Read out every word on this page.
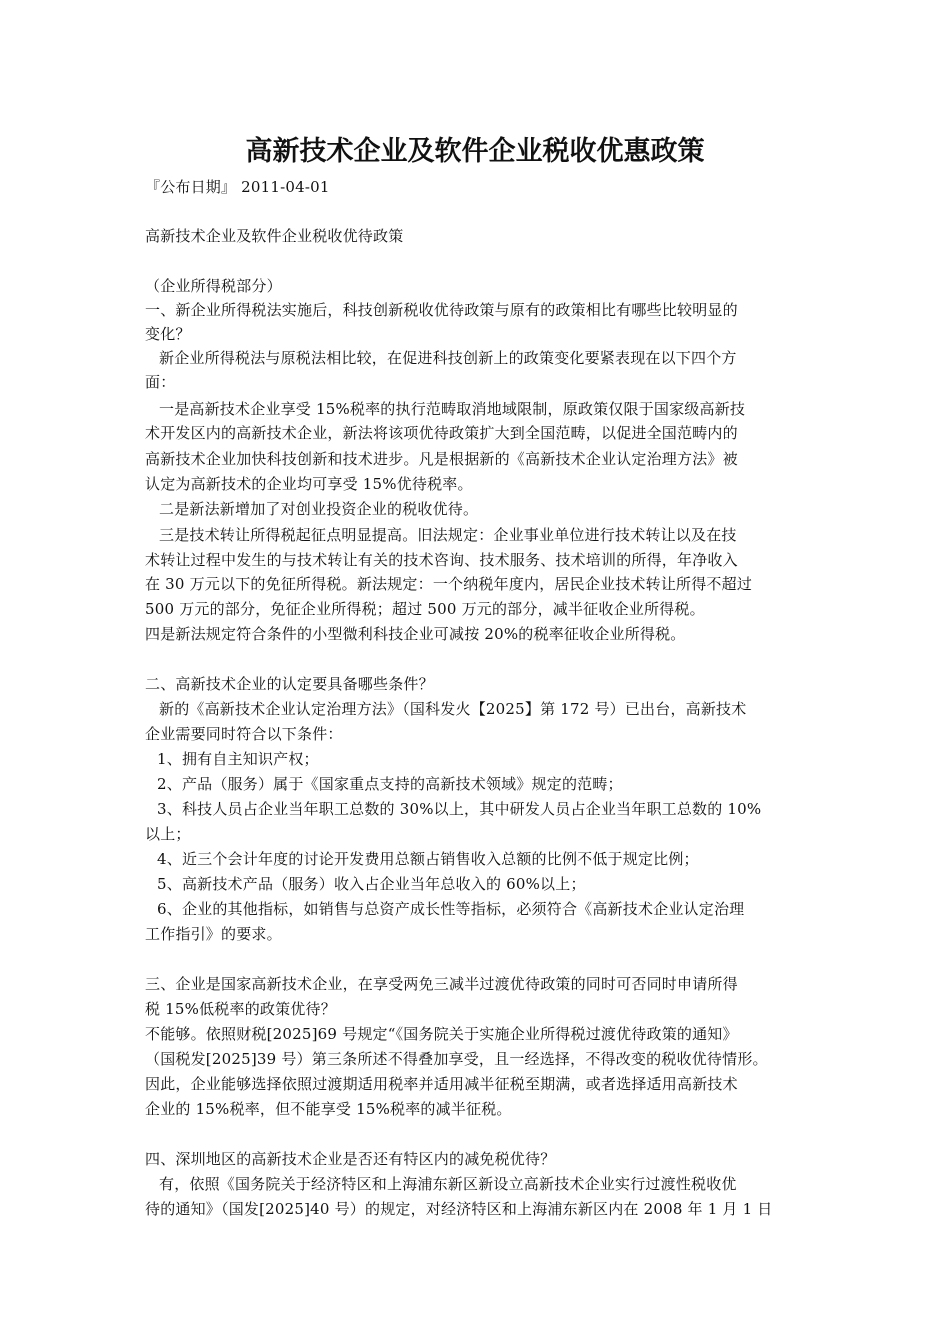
高新技术企业及软件企业税收优惠政策
『公布日期』 2011-04-01
高新技术企业及软件企业税收优待政策
（企业所得税部分）
一、新企业所得税法实施后，科技创新税收优待政策与原有的政策相比有哪些比较明显的
变化？
新企业所得税法与原税法相比较，在促进科技创新上的政策变化要紧表现在以下四个方
面：
一是高新技术企业享受 15%税率的执行范畴取消地域限制，原政策仅限于国家级高新技
术开发区内的高新技术企业，新法将该项优待政策扩大到全国范畴，以促进全国范畴内的
高新技术企业加快科技创新和技术进步。凡是根据新的《高新技术企业认定治理方法》被
认定为高新技术的企业均可享受 15%优待税率。
二是新法新增加了对创业投资企业的税收优待。
三是技术转让所得税起征点明显提高。旧法规定：企业事业单位进行技术转让以及在技
术转让过程中发生的与技术转让有关的技术咨询、技术服务、技术培训的所得，年净收入
在 30 万元以下的免征所得税。新法规定：一个纳税年度内，居民企业技术转让所得不超过
500 万元的部分，免征企业所得税；超过 500 万元的部分，减半征收企业所得税。
四是新法规定符合条件的小型微利科技企业可减按 20%的税率征收企业所得税。
二、高新技术企业的认定要具备哪些条件？
新的《高新技术企业认定治理方法》（国科发火【2025】第 172 号）已出台，高新技术
企业需要同时符合以下条件：
1、拥有自主知识产权；
2、产品（服务）属于《国家重点支持的高新技术领域》规定的范畴；
3、科技人员占企业当年职工总数的 30%以上，其中研发人员占企业当年职工总数的 10%
以上；
4、近三个会计年度的讨论开发费用总额占销售收入总额的比例不低于规定比例；
5、高新技术产品（服务）收入占企业当年总收入的 60%以上；
6、企业的其他指标，如销售与总资产成长性等指标，必须符合《高新技术企业认定治理
工作指引》的要求。
三、企业是国家高新技术企业，在享受两免三减半过渡优待政策的同时可否同时申请所得
税 15%低税率的政策优待？
不能够。依照财税[2025]69 号规定“《国务院关于实施企业所得税过渡优待政策的通知》
（国税发[2025]39 号）第三条所述不得叠加享受，且一经选择，不得改变的税收优待情形。
因此，企业能够选择依照过渡期适用税率并适用减半征税至期满，或者选择适用高新技术
企业的 15%税率，但不能享受 15%税率的减半征税。
四、深圳地区的高新技术企业是否还有特区内的减免税优待？
有，依照《国务院关于经济特区和上海浦东新区新设立高新技术企业实行过渡性税收优
待的通知》（国发[2025]40 号）的规定，对经济特区和上海浦东新区内在 2008 年 1 月 1 日
